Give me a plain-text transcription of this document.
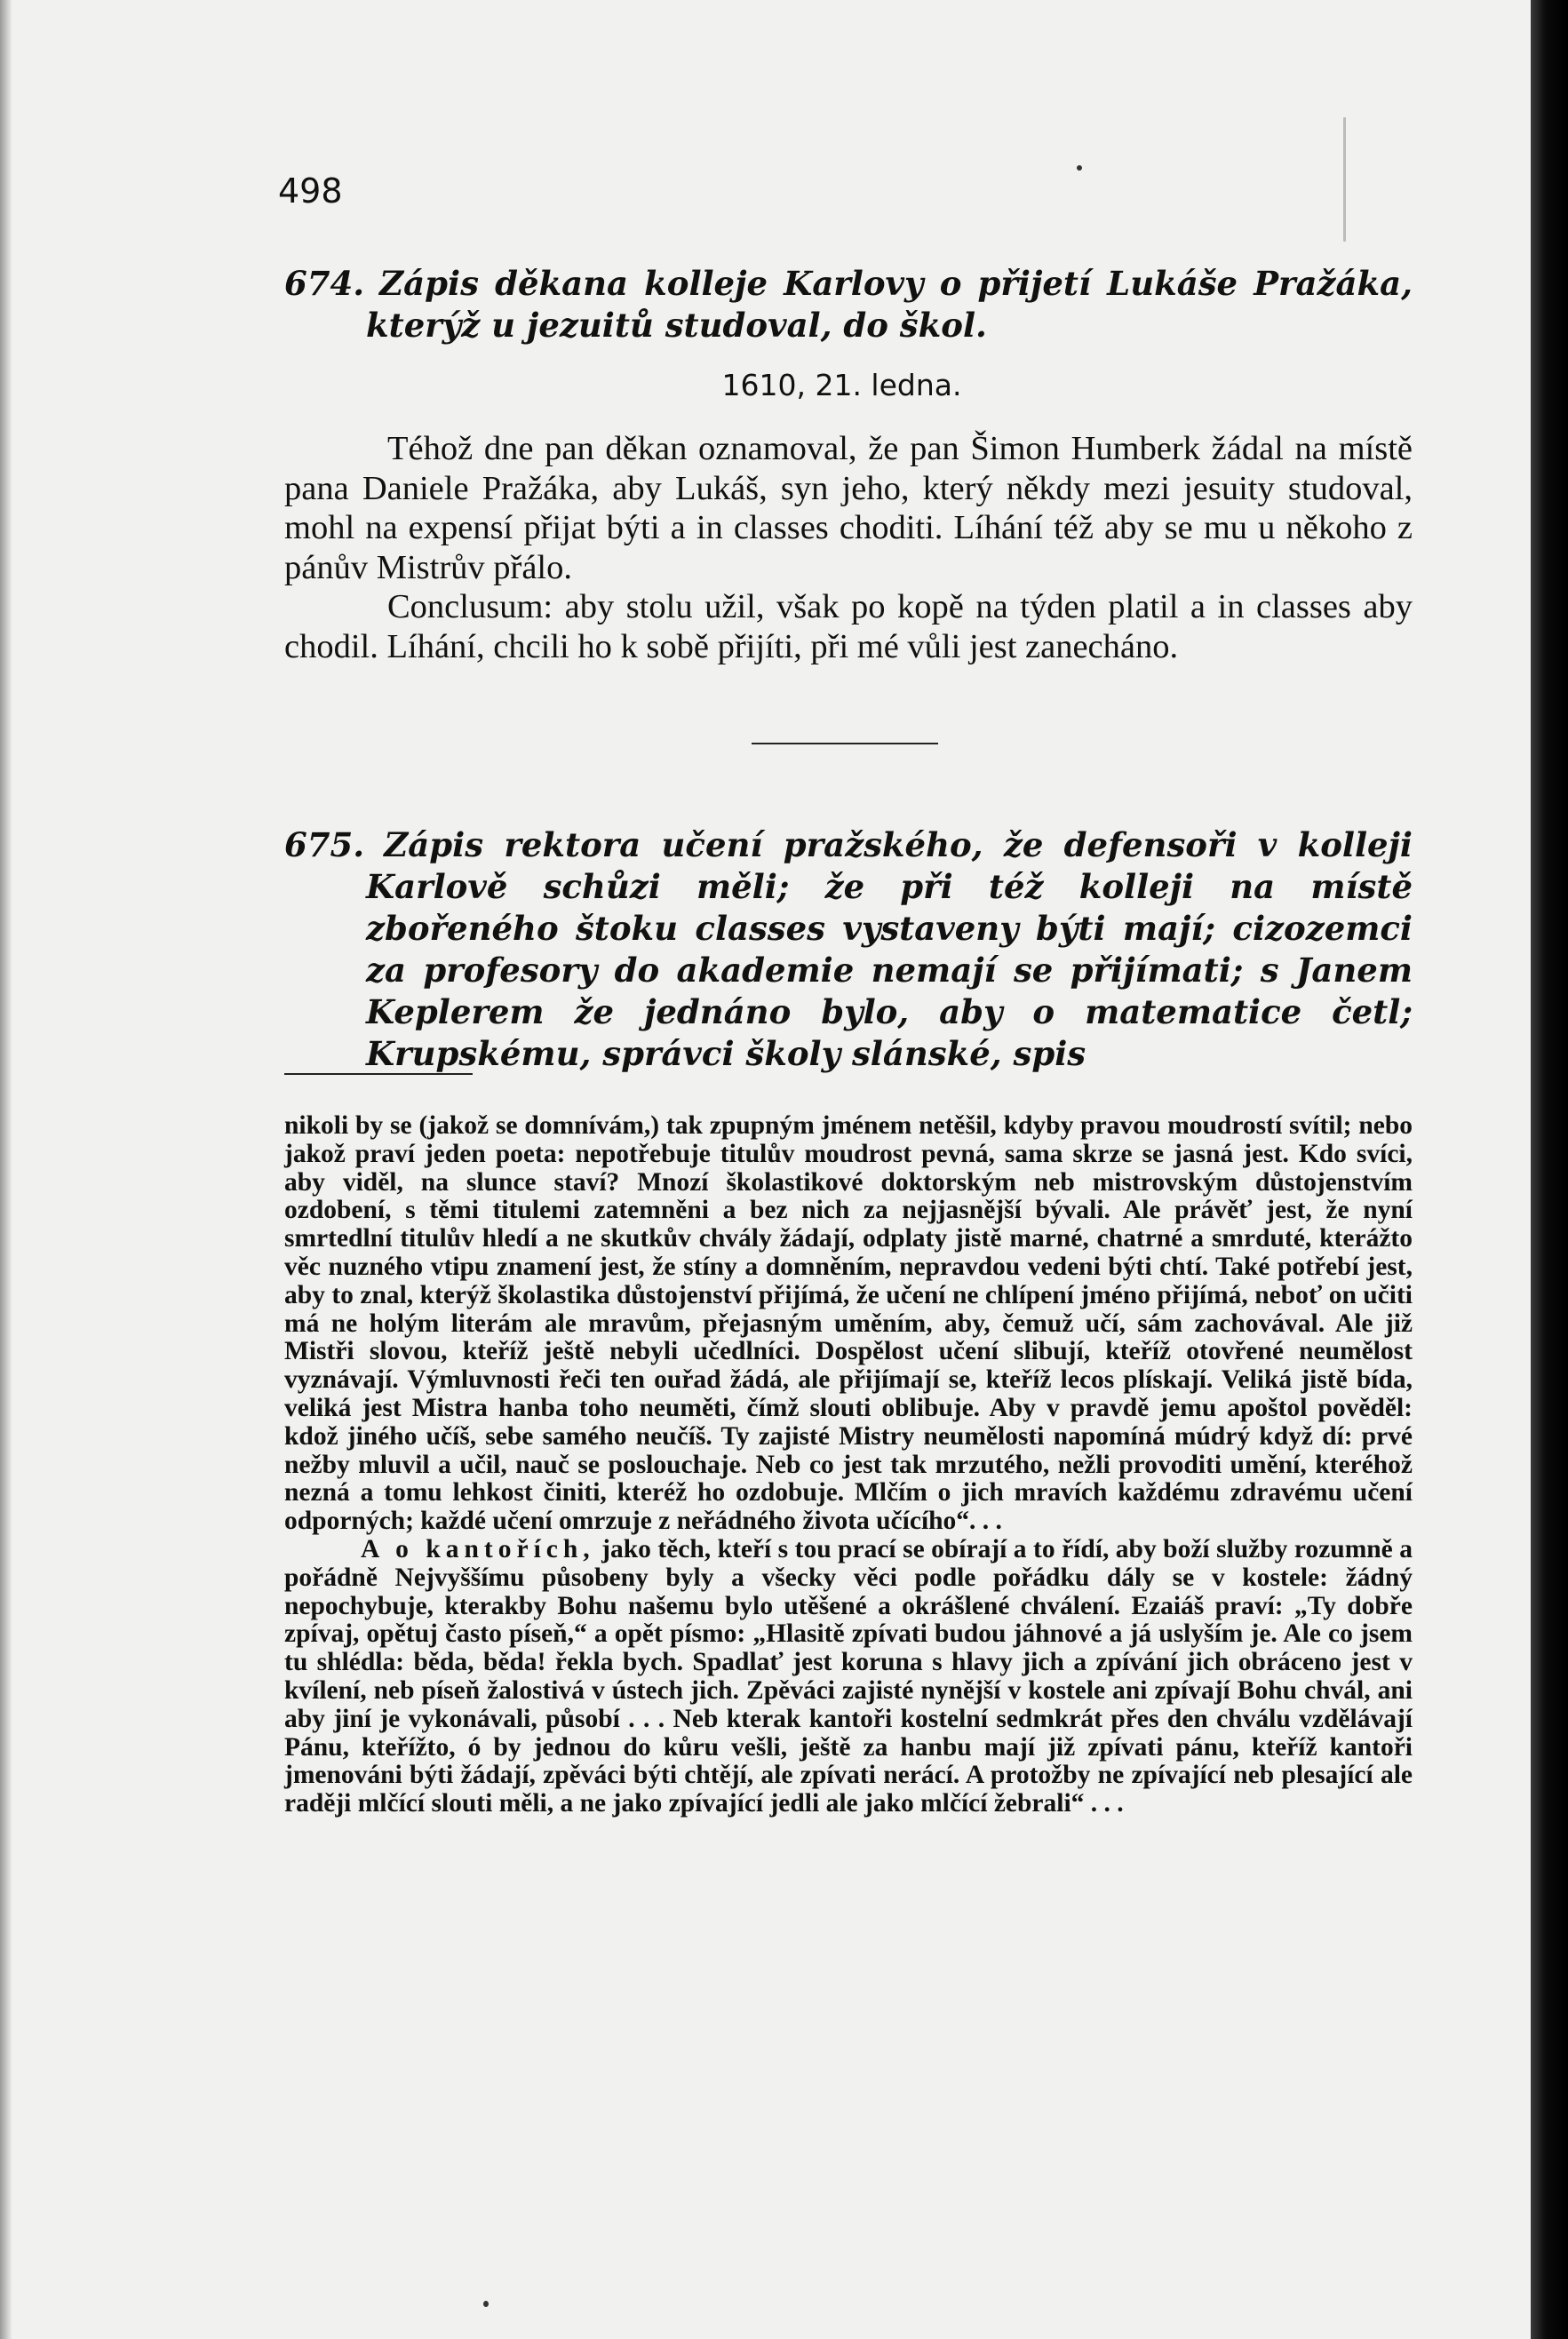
498
674. Zápis děkana kolleje Karlovy o přijetí Lukáše Pražáka, kterýž u jezuitů studoval, do škol.
1610, 21. ledna.

Téhož dne pan děkan oznamoval, že pan Šimon Humberk žádal na místě pana Daniele Pražáka, aby Lukáš, syn jeho, který někdy mezi jesuity studoval, mohl na expensí přijat býti a in classes choditi. Líhání též aby se mu u někoho z pánův Mistrův přálo.

Conclusum: aby stolu užil, však po kopě na týden platil a in classes aby chodil. Líhání, chcili ho k sobě přijíti, při mé vůli jest zanecháno.

675. Zápis rektora učení pražského, že defensoři v kolleji Karlově schůzi měli; že při též kolleji na místě zbořeného štoku classes vystaveny býti mají; cizozemci za profesory do akademie nemají se přijímati; s Janem Keplerem že jednáno bylo, aby o matematice četl; Krupskému, správci školy slánské, spis

nikoli by se (jakož se domnívám,) tak zpupným jménem netěšil, kdyby pravou moudrostí svítil; nebo jakož praví jeden poeta: nepotřebuje titulův moudrost pevná, sama skrze se jasná jest. Kdo svíci, aby viděl, na slunce staví? Mnozí školastikové doktorským neb mistrovským důstojenstvím ozdobení, s těmi titulemi zatemněni a bez nich za nejjasnější bývali. Ale právěť jest, že nyní smrtedlní titulův hledí a ne skutkův chvály žádají, odplaty jistě marné, chatrné a smrduté, kterážto věc nuzného vtipu znamení jest, že stíny a domněním, nepravdou vedeni býti chtí. Také potřebí jest, aby to znal, kterýž školastika důstojenství přijímá, že učení ne chlípení jméno přijímá, neboť on učiti má ne holým literám ale mravům, přejasným uměním, aby, čemuž učí, sám zachovával. Ale již Mistři slovou, kteříž ještě nebyli učedlníci. Dospělost učení slibují, kteříž otovřené neumělost vyznávají. Výmluvnosti řeči ten ouřad žádá, ale přijímají se, kteříž lecos plískají. Veliká jistě bída, veliká jest Mistra hanba toho neuměti, čímž slouti oblibuje. Aby v pravdě jemu apoštol pověděl: kdož jiného učíš, sebe samého neučíš. Ty zajisté Mistry neumělosti napomíná múdrý když dí: prvé nežby mluvil a učil, nauč se poslouchaje. Neb co jest tak mrzutého, nežli provoditi umění, kteréhož nezná a tomu lehkost činiti, kteréž ho ozdobuje. Mlčím o jich mravích každému zdravému učení odporných; každé učení omrzuje z neřádného života učícího“. . .

A o kantořích, jako těch, kteří s tou prací se obírají a to řídí, aby boží služby rozumně a pořádně Nejvyššímu působeny byly a všecky věci podle pořádku dály se v kostele: žádný nepochybuje, kterakby Bohu našemu bylo utěšené a okrášlené chválení. Ezaiáš praví: „Ty dobře zpívaj, opětuj často píseň,“ a opět písmo: „Hlasitě zpívati budou jáhnové a já uslyším je. Ale co jsem tu shlédla: běda, běda! řekla bych. Spadlať jest koruna s hlavy jich a zpívání jich obráceno jest v kvílení, neb píseň žalostivá v ústech jich. Zpěváci zajisté nynější v kostele ani zpívají Bohu chvál, ani aby jiní je vykonávali, působí . . . Neb kterak kantoři kostelní sedmkrát přes den chválu vzdělávají Pánu, kteřížto, ó by jednou do kůru vešli, ještě za hanbu mají již zpívati pánu, kteříž kantoři jmenováni býti žádají, zpěváci býti chtějí, ale zpívati nerácí. A protožby ne zpívající neb plesající ale raději mlčící slouti měli, a ne jako zpívající jedli ale jako mlčící žebrali“ . . .
